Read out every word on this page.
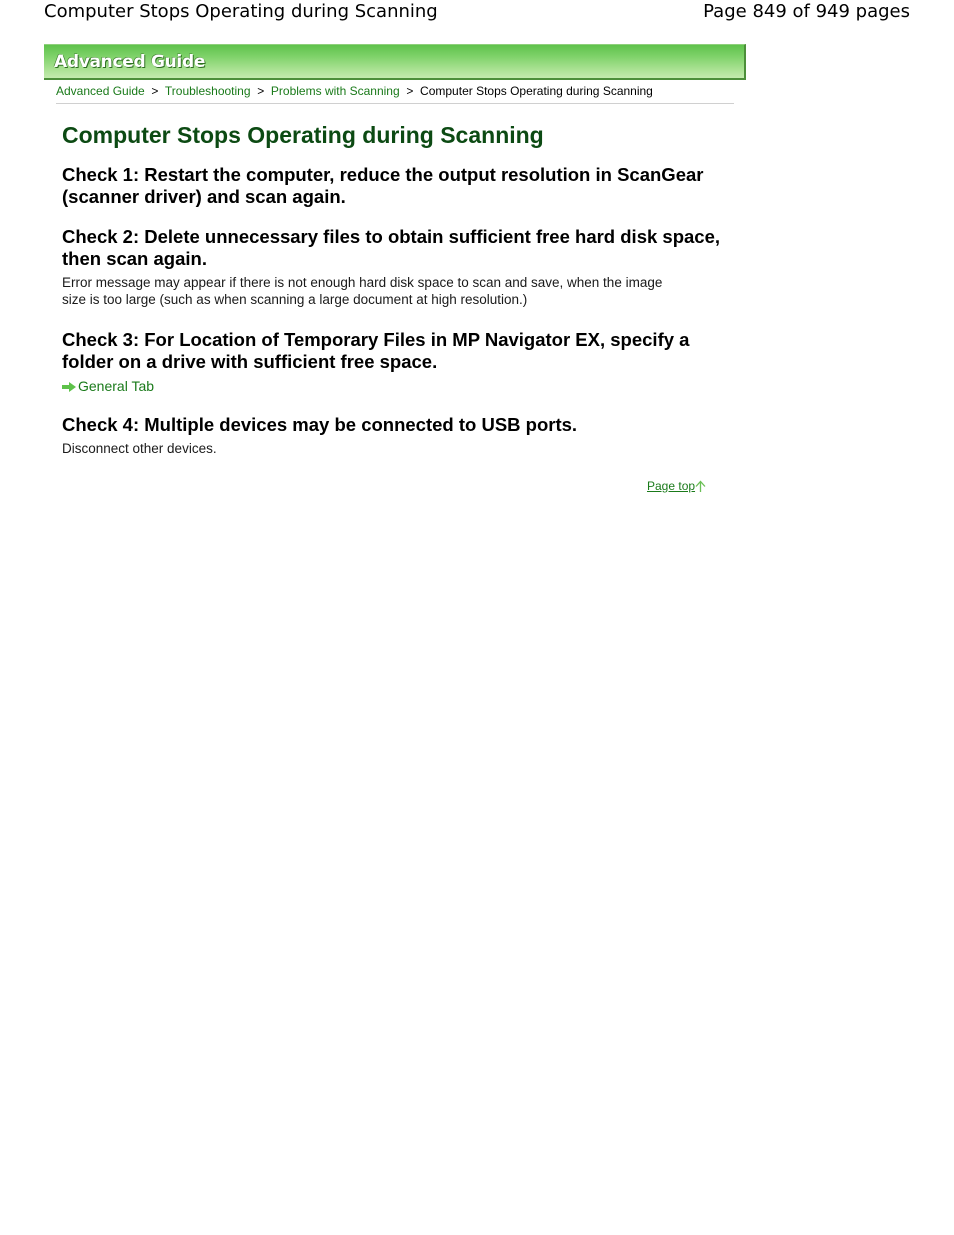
Computer Stops Operating during Scanning	Page 849 of 949 pages
Advanced Guide
Advanced Guide > Troubleshooting > Problems with Scanning > Computer Stops Operating during Scanning
Computer Stops Operating during Scanning
Check 1: Restart the computer, reduce the output resolution in ScanGear
(scanner driver) and scan again.
Check 2: Delete unnecessary files to obtain sufficient free hard disk space,
then scan again.

Error message may appear if there is not enough hard disk space to scan and save, when the image
size is too large (such as when scanning a large document at high resolution.)

Check 3: For Location of Temporary Files in MP Navigator EX, specify a
folder on a drive with sufficient free space.
General Tab
Check 4: Multiple devices may be connected to USB ports.

Disconnect other devices.

Page top
